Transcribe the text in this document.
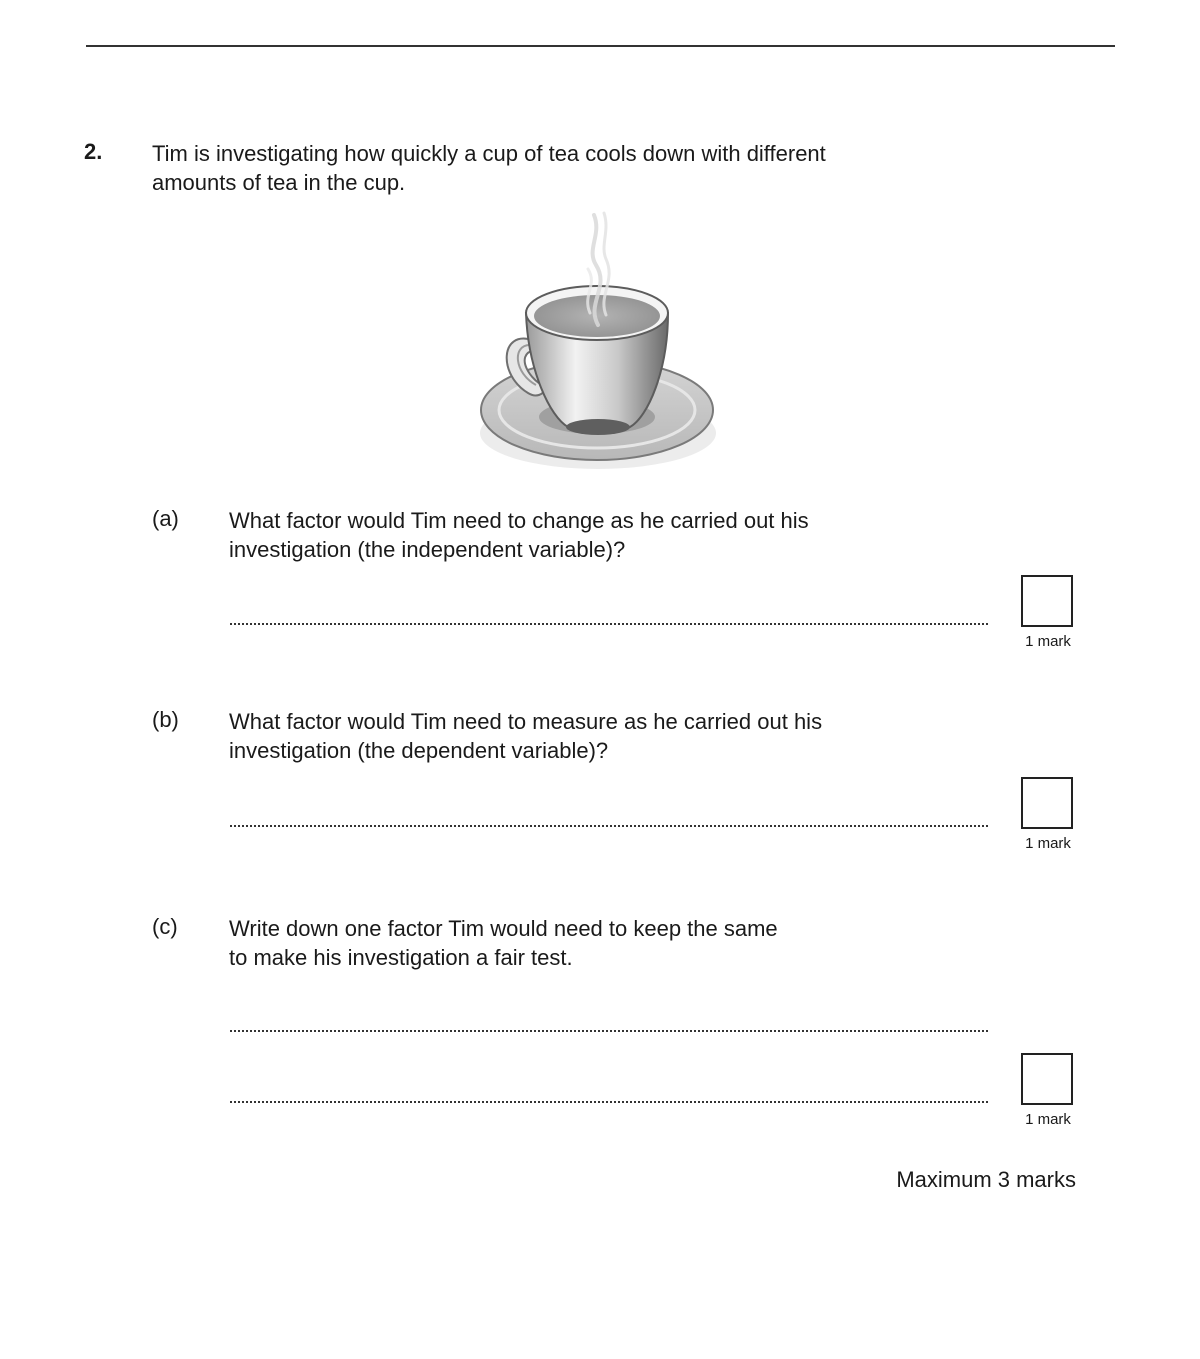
2. Tim is investigating how quickly a cup of tea cools down with different
amounts of tea in the cup.
(a) What factor would Tim need to change as he carried out his
investigation (the independent variable)?
1 mark
(b) What factor would Tim need to measure as he carried out his
investigation (the dependent variable)?
1 mark
(c) Write down one factor Tim would need to keep the same
to make his investigation a fair test.
1 mark
Maximum 3 marks
